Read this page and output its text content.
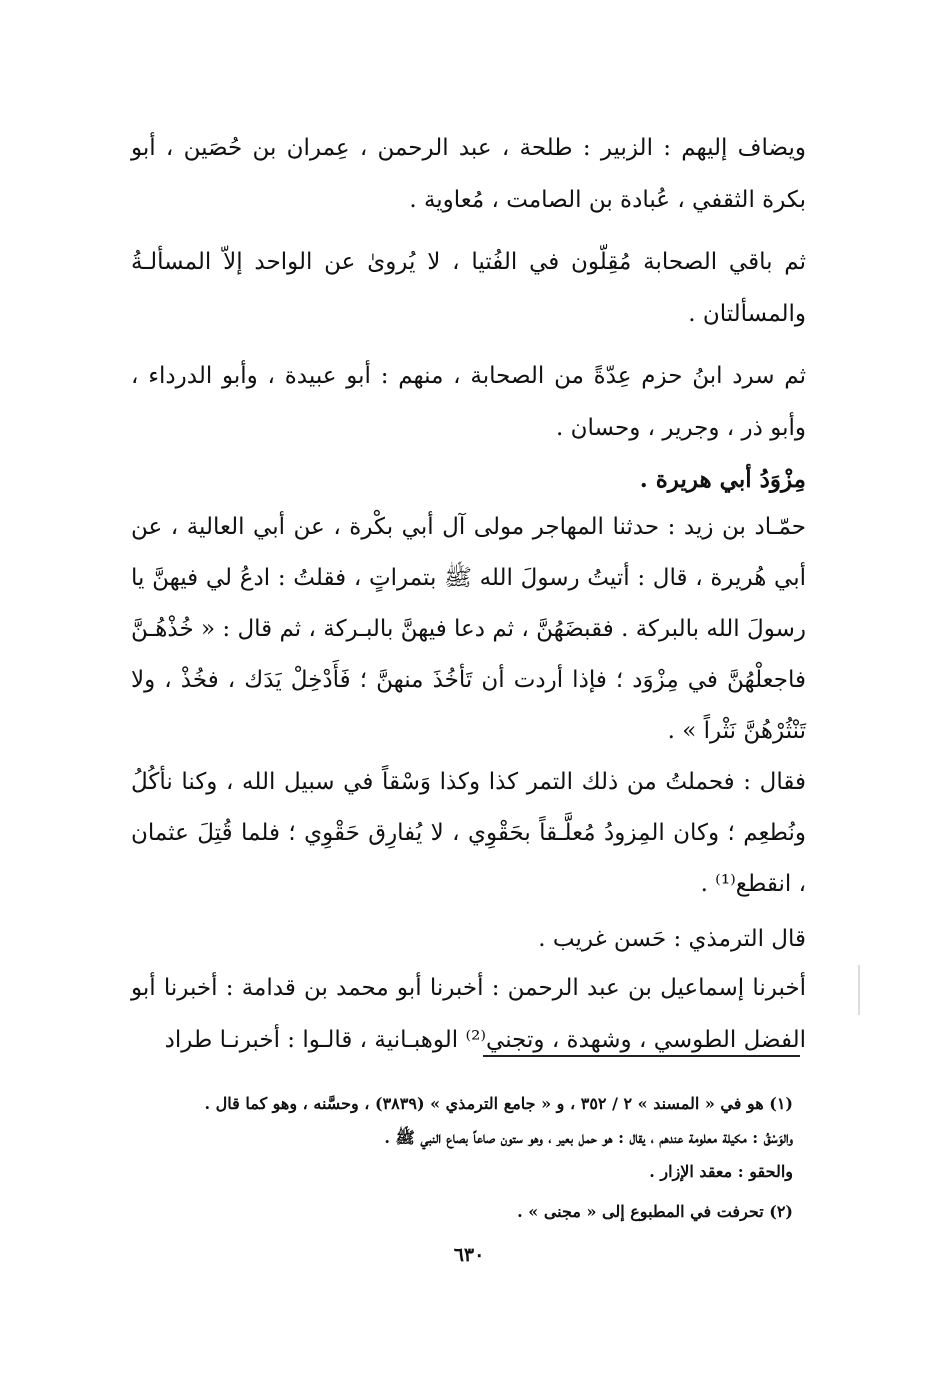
ويضاف إليهم : الزبير : طلحة ، عبد الرحمن ، عِمران بن حُصَين ، أبو بكرة الثقفي ، عُبادة بن الصامت ، مُعاوية .

ثم باقي الصحابة مُقِلّون في الفُتيا ، لا يُروىٰ عن الواحد إلاّ المسألـةُ والمسألتان .

ثم سرد ابنُ حزم عِدّةً من الصحابة ، منهم : أبو عبيدة ، وأبو الدرداء ، وأبو ذر ، وجرير ، وحسان .

مِزْوَدُ أبي هريرة .

حمّـاد بن زيد : حدثنا المهاجر مولى آل أبي بكْرة ، عن أبي العالية ، عن أبي هُريرة ، قال : أتيتُ رسولَ الله ﷺ بتمراتٍ ، فقلتُ : ادعُ لي فيهنَّ يا رسولَ الله بالبركة . فقبضَهُنَّ ، ثم دعا فيهنَّ بالبـركة ، ثم قال : « خُذْهُـنَّ فاجعلْهُنَّ في مِزْوَد ؛ فإذا أردت أن تَأخُذَ منهنَّ ؛ فَأَدْخِلْ يَدَك ، فخُذْ ، ولا تَنْثُرْهُنَّ نَثْراً » .

فقال : فحملتُ من ذلك التمر كذا وكذا وَسْقاً في سبيل الله ، وكنا نأكُلُ ونُطعِم ؛ وكان المِزودُ مُعلَّـقاً بحَقْوِي ، لا يُفارِق حَقْوِي ؛ فلما قُتِلَ عثمان ، انقطع⁽¹⁾ .

قال الترمذي : حَسن غريب .

أخبرنا إسماعيل بن عبد الرحمن : أخبرنا أبو محمد بن قدامة : أخبرنا أبو الفضل الطوسي ، وشهدة ، وتجني⁽²⁾ الوهبـانية ، قالـوا : أخبرنـا طراد

(١) هو في « المسند » ٢ / ٣٥٢ ، و « جامع الترمذي » (٣٨٣٩) ، وحسَّنه ، وهو كما قال .

والوَسْقُ : مكيلة معلومة عندهم ، يقال : هو حمل بعير ، وهو ستون صاعاً بصاع النبي ﷺ .

والحقو : معقد الإزار .

(٢) تحرفت في المطبوع إلى « مجنى » .

٦٣٠
